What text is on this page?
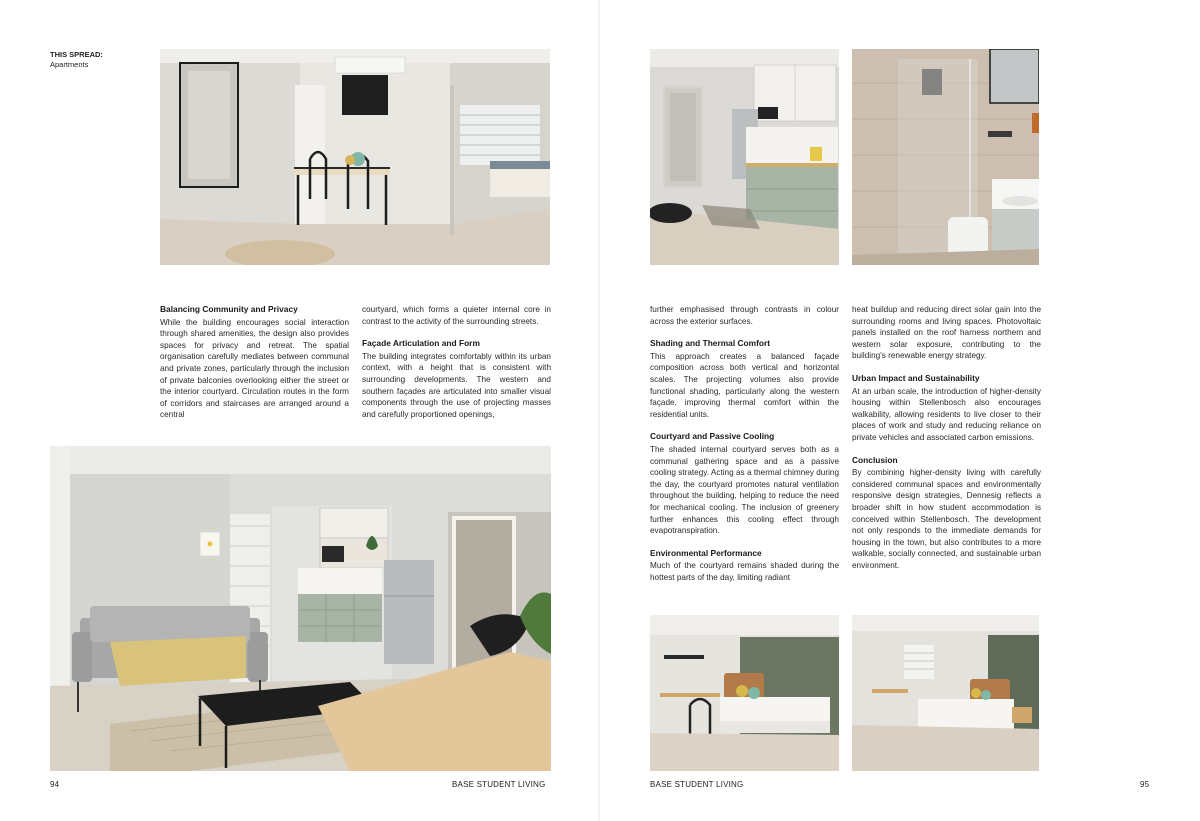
THIS SPREAD:
Apartments
Balancing Community and Privacy

While the building encourages social interaction through shared amenities, the design also provides spaces for privacy and retreat. The spatial organisation carefully mediates between communal and private zones, particularly through the inclusion of private balconies overlooking either the street or the interior courtyard. Circulation routes in the form of corridors and staircases are arranged around a central

courtyard, which forms a quieter internal core in contrast to the activity of the surrounding streets.

Façade Articulation and Form

The building integrates comfortably within its urban context, with a height that is consistent with surrounding developments. The western and southern façades are articulated into smaller visual components through the use of projecting masses and carefully proportioned openings,

94	BASE STUDENT LIVING

further emphasised through contrasts in colour across the exterior surfaces.

Shading and Thermal Comfort

This approach creates a balanced façade composition across both vertical and horizontal scales. The projecting volumes also provide functional shading, particularly along the western façade, improving thermal comfort within the residential units.

Courtyard and Passive Cooling

The shaded internal courtyard serves both as a communal gathering space and as a passive cooling strategy. Acting as a thermal chimney during the day, the courtyard promotes natural ventilation throughout the building, helping to reduce the need for mechanical cooling. The inclusion of greenery further enhances this cooling effect through evapotranspiration.

Environmental Performance

Much of the courtyard remains shaded during the hottest parts of the day, limiting radiant

heat buildup and reducing direct solar gain into the surrounding rooms and living spaces. Photovoltaic panels installed on the roof harness northern and western solar exposure, contributing to the building's renewable energy strategy.

Urban Impact and Sustainability

At an urban scale, the introduction of higher-density housing within Stellenbosch also encourages walkability, allowing residents to live closer to their places of work and study and reducing reliance on private vehicles and associated carbon emissions.

Conclusion

By combining higher-density living with carefully considered communal spaces and environmentally responsive design strategies, Dennesig reflects a broader shift in how student accommodation is conceived within Stellenbosch. The development not only responds to the immediate demands for housing in the town, but also contributes to a more walkable, socially connected, and sustainable urban environment.

BASE STUDENT LIVING	95
